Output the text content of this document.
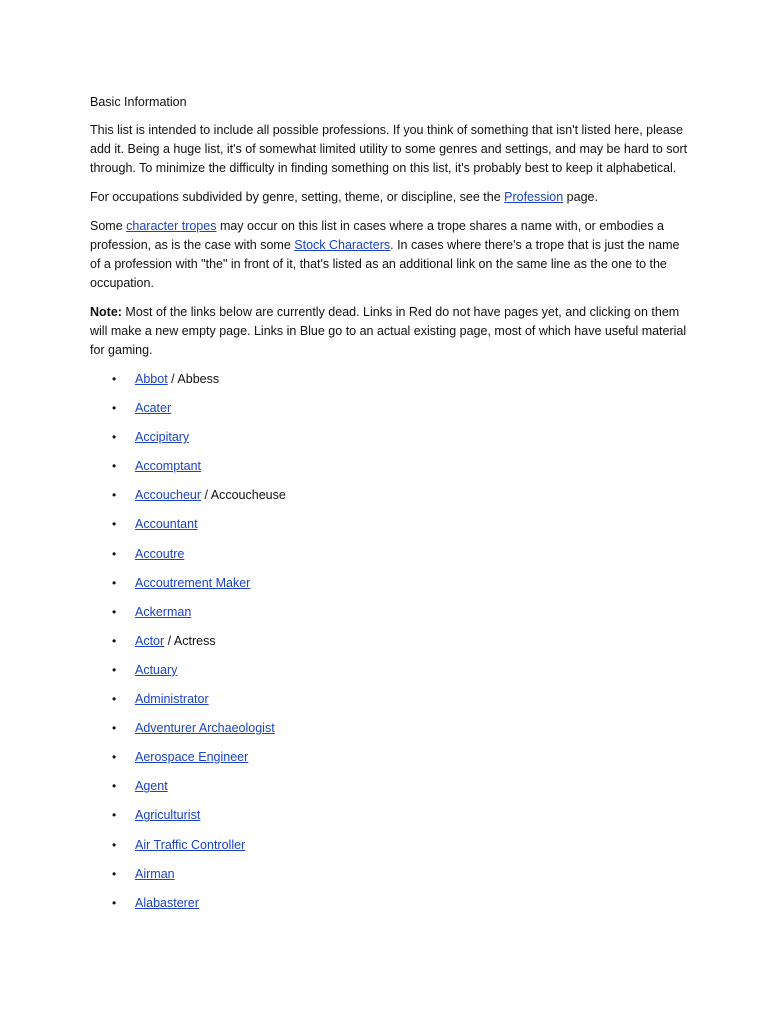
Basic Information

This list is intended to include all possible professions. If you think of something that isn't listed here, please add it. Being a huge list, it's of somewhat limited utility to some genres and settings, and may be hard to sort through. To minimize the difficulty in finding something on this list, it's probably best to keep it alphabetical.

For occupations subdivided by genre, setting, theme, or discipline, see the Profession page.

Some character tropes may occur on this list in cases where a trope shares a name with, or embodies a profession, as is the case with some Stock Characters. In cases where there's a trope that is just the name of a profession with "the" in front of it, that's listed as an additional link on the same line as the one to the occupation.

Note: Most of the links below are currently dead. Links in Red do not have pages yet, and clicking on them will make a new empty page. Links in Blue go to an actual existing page, most of which have useful material for gaming.

• Abbot / Abbess
• Acater
• Accipitary
• Accomptant
• Accoucheur / Accoucheuse
• Accountant
• Accoutre
• Accoutrement Maker
• Ackerman
• Actor / Actress
• Actuary
• Administrator
• Adventurer Archaeologist
• Aerospace Engineer
• Agent
• Agriculturist
• Air Traffic Controller
• Airman
• Alabasterer
